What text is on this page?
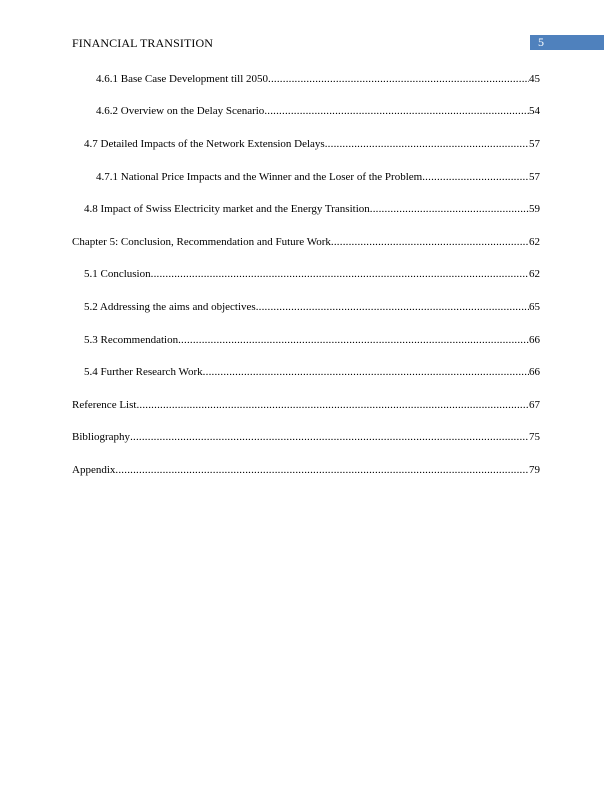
FINANCIAL TRANSITION	5
4.6.1 Base Case Development till 2050 .....	45
4.6.2 Overview on the Delay Scenario .....	54
4.7 Detailed Impacts of the Network Extension Delays .....	57
4.7.1 National Price Impacts and the Winner and the Loser of the Problem .....	57
4.8 Impact of Swiss Electricity market and the Energy Transition .....	59
Chapter 5: Conclusion, Recommendation and Future Work .....	62
5.1 Conclusion .....	62
5.2 Addressing the aims and objectives .....	65
5.3 Recommendation .....	66
5.4 Further Research Work .....	66
Reference List .....	67
Bibliography .....	75
Appendix .....	79
